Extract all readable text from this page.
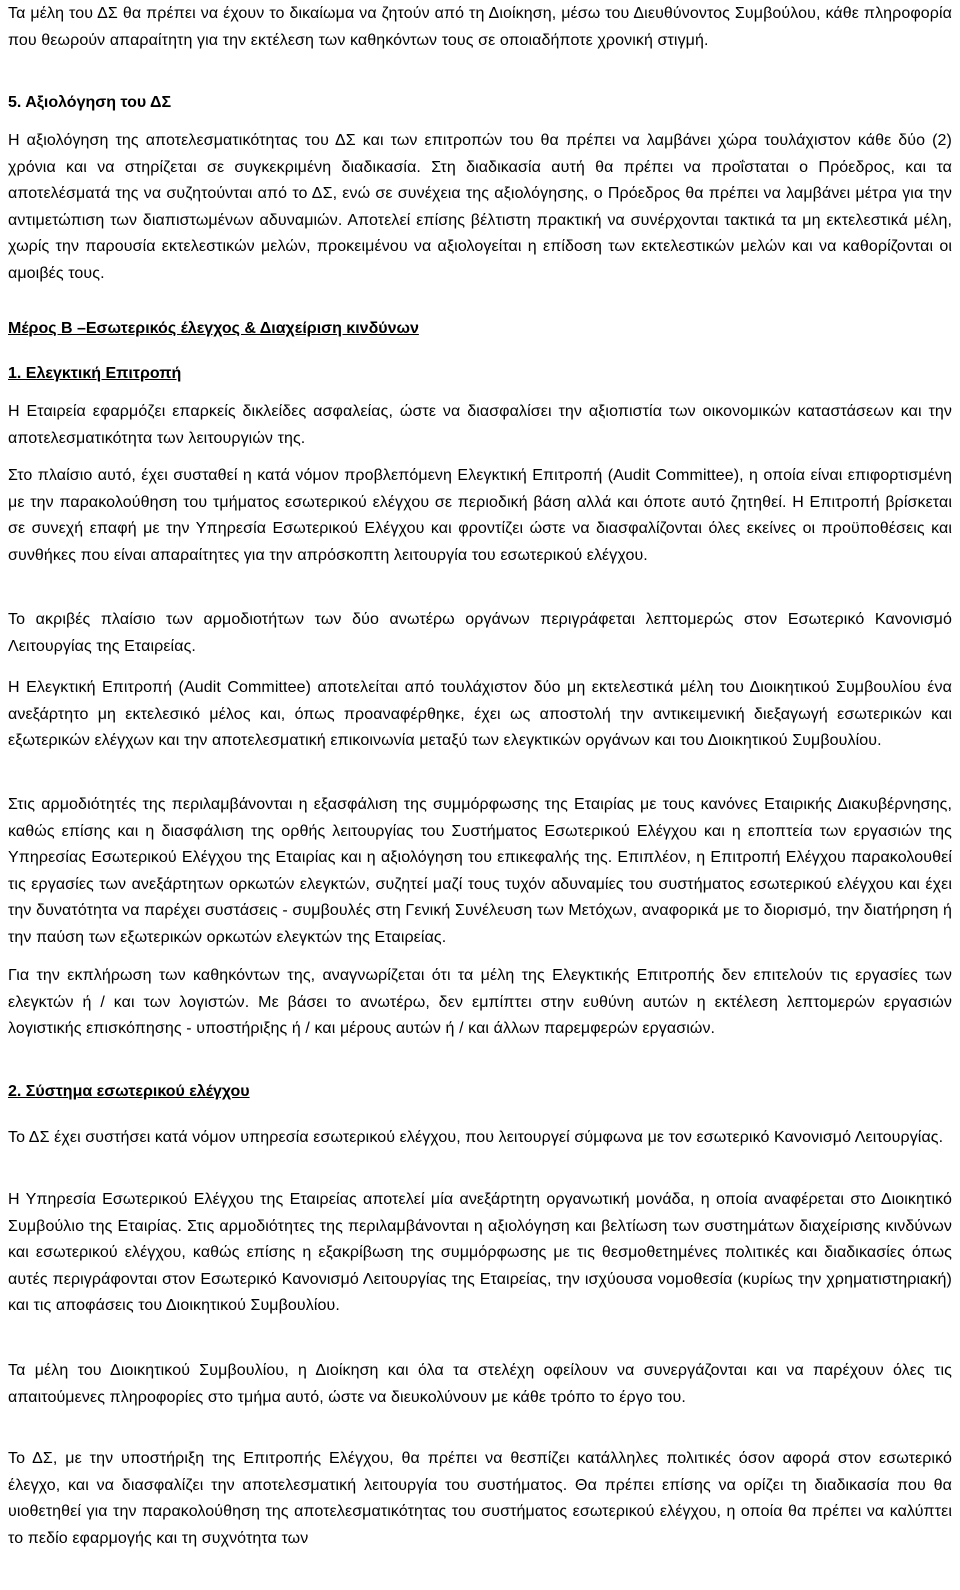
Τα μέλη του ΔΣ θα πρέπει να έχουν το δικαίωμα να ζητούν από τη Διοίκηση, μέσω του Διευθύνοντος Συμβούλου, κάθε πληροφορία που θεωρούν απαραίτητη για την εκτέλεση των καθηκόντων τους σε οποιαδήποτε χρονική στιγμή.

5. Αξιολόγηση του ΔΣ

Η αξιολόγηση της αποτελεσματικότητας του ΔΣ και των επιτροπών του θα πρέπει να λαμβάνει χώρα τουλάχιστον κάθε δύο (2) χρόνια και να στηρίζεται σε συγκεκριμένη διαδικασία. Στη διαδικασία αυτή θα πρέπει να προΐσταται ο Πρόεδρος, και τα αποτελέσματά της να συζητούνται από το ΔΣ, ενώ σε συνέχεια της αξιολόγησης, ο Πρόεδρος θα πρέπει να λαμβάνει μέτρα για την αντιμετώπιση των διαπιστωμένων αδυναμιών. Αποτελεί επίσης βέλτιστη πρακτική να συνέρχονται τακτικά τα μη εκτελεστικά μέλη, χωρίς την παρουσία εκτελεστικών μελών, προκειμένου να αξιολογείται η επίδοση των εκτελεστικών μελών και να καθορίζονται οι αμοιβές τους.

Μέρος Β –Εσωτερικός έλεγχος & Διαχείριση κινδύνων

1. Ελεγκτική Επιτροπή

Η Εταιρεία εφαρμόζει επαρκείς δικλείδες ασφαλείας, ώστε να διασφαλίσει την αξιοπιστία των οικονομικών καταστάσεων και την αποτελεσματικότητα των λειτουργιών της.

Στο πλαίσιο αυτό, έχει συσταθεί η κατά νόμον προβλεπόμενη Ελεγκτική Επιτροπή (Audit Committee), η οποία είναι επιφορτισμένη με την παρακολούθηση του τμήματος εσωτερικού ελέγχου σε περιοδική βάση αλλά και όποτε αυτό ζητηθεί. Η Επιτροπή βρίσκεται σε συνεχή επαφή με την Υπηρεσία Εσωτερικού Ελέγχου και φροντίζει ώστε να διασφαλίζονται όλες εκείνες οι προϋποθέσεις και συνθήκες που είναι απαραίτητες για την απρόσκοπτη λειτουργία του εσωτερικού ελέγχου.

Το ακριβές πλαίσιο των αρμοδιοτήτων των δύο ανωτέρω οργάνων περιγράφεται λεπτομερώς στον Εσωτερικό Κανονισμό Λειτουργίας της Εταιρείας.

Η Ελεγκτική Επιτροπή (Audit Committee) αποτελείται από τουλάχιστον δύο μη εκτελεστικά μέλη του Διοικητικού Συμβουλίου ένα ανεξάρτητο μη εκτελεσικό μέλος και, όπως προαναφέρθηκε, έχει ως αποστολή την αντικειμενική διεξαγωγή εσωτερικών και εξωτερικών ελέγχων και την αποτελεσματική επικοινωνία μεταξύ των ελεγκτικών οργάνων και του Διοικητικού Συμβουλίου.

Στις αρμοδιότητές της περιλαμβάνονται η εξασφάλιση της συμμόρφωσης της Εταιρίας με τους κανόνες Εταιρικής Διακυβέρνησης, καθώς επίσης και η διασφάλιση της ορθής λειτουργίας του Συστήματος Εσωτερικού Ελέγχου και η εποπτεία των εργασιών της Υπηρεσίας Εσωτερικού Ελέγχου της Εταιρίας και η αξιολόγηση του επικεφαλής της. Επιπλέον, η Επιτροπή Ελέγχου παρακολουθεί τις εργασίες των ανεξάρτητων ορκωτών ελεγκτών, συζητεί μαζί τους τυχόν αδυναμίες του συστήματος εσωτερικού ελέγχου και έχει την δυνατότητα να παρέχει συστάσεις - συμβουλές στη Γενική Συνέλευση των Μετόχων, αναφορικά με το διορισμό, την διατήρηση ή την παύση των εξωτερικών ορκωτών ελεγκτών της Εταιρείας.

Για την εκπλήρωση των καθηκόντων της, αναγνωρίζεται ότι τα μέλη της Ελεγκτικής Επιτροπής δεν επιτελούν τις εργασίες των ελεγκτών ή / και των λογιστών. Με βάσει το ανωτέρω, δεν εμπίπτει στην ευθύνη αυτών η εκτέλεση λεπτομερών εργασιών λογιστικής επισκόπησης - υποστήριξης ή / και μέρους αυτών ή / και άλλων παρεμφερών εργασιών.

2. Σύστημα εσωτερικού ελέγχου

Το ΔΣ έχει συστήσει κατά νόμον υπηρεσία εσωτερικού ελέγχου, που λειτουργεί σύμφωνα με τον εσωτερικό Κανονισμό Λειτουργίας.

Η Υπηρεσία Εσωτερικού Ελέγχου της Εταιρείας αποτελεί μία ανεξάρτητη οργανωτική μονάδα, η οποία αναφέρεται στο Διοικητικό Συμβούλιο της Εταιρίας. Στις αρμοδιότητες της περιλαμβάνονται η αξιολόγηση και βελτίωση των συστημάτων διαχείρισης κινδύνων και εσωτερικού ελέγχου, καθώς επίσης η εξακρίβωση της συμμόρφωσης με τις θεσμοθετημένες πολιτικές και διαδικασίες όπως αυτές περιγράφονται στον Εσωτερικό Κανονισμό Λειτουργίας της Εταιρείας, την ισχύουσα νομοθεσία (κυρίως την χρηματιστηριακή) και τις αποφάσεις του Διοικητικού Συμβουλίου.

Τα μέλη του Διοικητικού Συμβουλίου, η Διοίκηση και όλα τα στελέχη οφείλουν να συνεργάζονται και να παρέχουν όλες τις απαιτούμενες πληροφορίες στο τμήμα αυτό, ώστε να διευκολύνουν με κάθε τρόπο το έργο του.

Το ΔΣ, με την υποστήριξη της Επιτροπής Ελέγχου, θα πρέπει να θεσπίζει κατάλληλες πολιτικές όσον αφορά στον εσωτερικό έλεγχο, και να διασφαλίζει την αποτελεσματική λειτουργία του συστήματος. Θα πρέπει επίσης να ορίζει τη διαδικασία που θα υιοθετηθεί για την παρακολούθηση της αποτελεσματικότητας του συστήματος εσωτερικού ελέγχου, η οποία θα πρέπει να καλύπτει το πεδίο εφαρμογής και τη συχνότητα των
